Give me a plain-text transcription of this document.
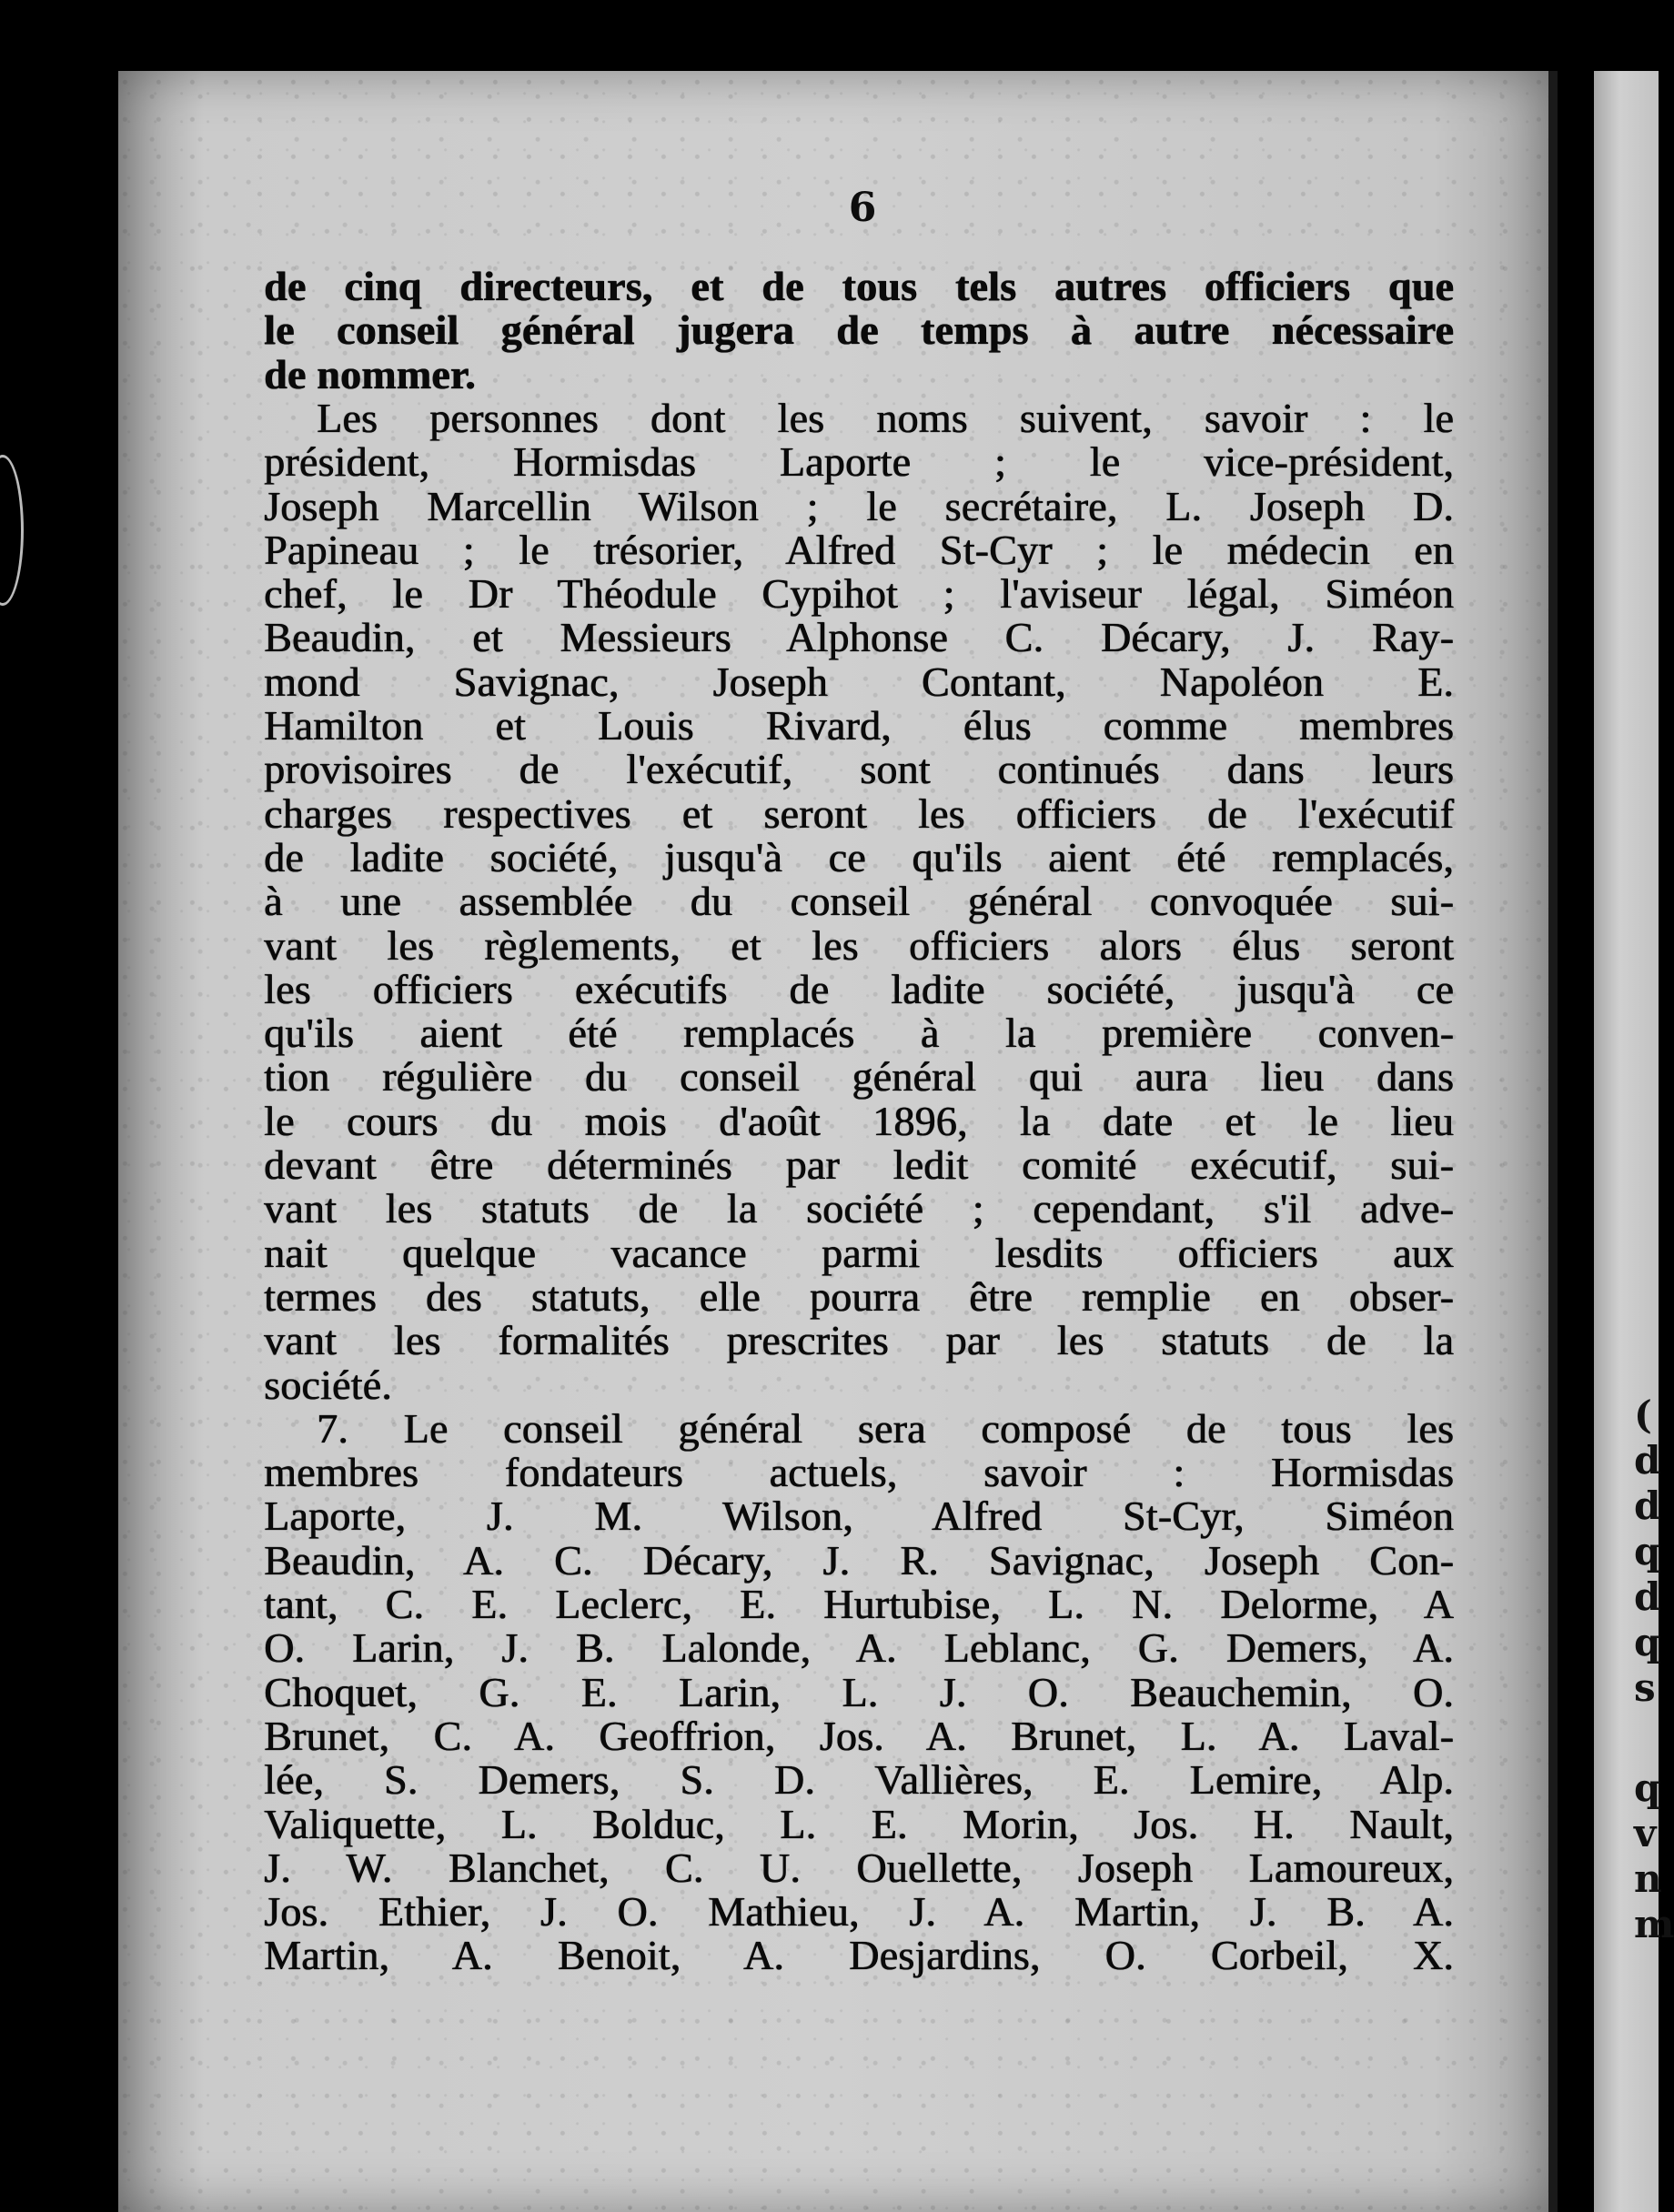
6
de cinq directeurs, et de tous tels autres officiers que
le conseil général jugera de temps à autre nécessaire
de nommer.
Les personnes dont les noms suivent, savoir : le
président, Hormisdas Laporte ; le vice-président,
Joseph Marcellin Wilson ; le secrétaire, L. Joseph D.
Papineau ; le trésorier, Alfred St-Cyr ; le médecin en
chef, le Dr Théodule Cypihot ; l'aviseur légal, Siméon
Beaudin, et Messieurs Alphonse C. Décary, J. Ray-
mond Savignac, Joseph Contant, Napoléon E.
Hamilton et Louis Rivard, élus comme membres
provisoires de l'exécutif, sont continués dans leurs
charges respectives et seront les officiers de l'exécutif
de ladite société, jusqu'à ce qu'ils aient été remplacés,
à une assemblée du conseil général convoquée sui-
vant les règlements, et les officiers alors élus seront
les officiers exécutifs de ladite société, jusqu'à ce
qu'ils aient été remplacés à la première conven-
tion régulière du conseil général qui aura lieu dans
le cours du mois d'août 1896, la date et le lieu
devant être déterminés par ledit comité exécutif, sui-
vant les statuts de la société ; cependant, s'il adve-
nait quelque vacance parmi lesdits officiers aux
termes des statuts, elle pourra être remplie en obser-
vant les formalités prescrites par les statuts de la
société.
7. Le conseil général sera composé de tous les
membres fondateurs actuels, savoir : Hormisdas
Laporte, J. M. Wilson, Alfred St-Cyr, Siméon
Beaudin, A. C. Décary, J. R. Savignac, Joseph Con-
tant, C. E. Leclerc, E. Hurtubise, L. N. Delorme, A
O. Larin, J. B. Lalonde, A. Leblanc, G. Demers, A.
Choquet, G. E. Larin, L. J. O. Beauchemin, O.
Brunet, C. A. Geoffrion, Jos. A. Brunet, L. A. Laval-
lée, S. Demers, S. D. Vallières, E. Lemire, Alp.
Valiquette, L. Bolduc, L. E. Morin, Jos. H. Nault,
J. W. Blanchet, C. U. Ouellette, Joseph Lamoureux,
Jos. Ethier, J. O. Mathieu, J. A. Martin, J. B. A.
Martin, A. Benoit, A. Desjardins, O. Corbeil, X.
(
d
d
q
d
q
s
q
v
n
m
